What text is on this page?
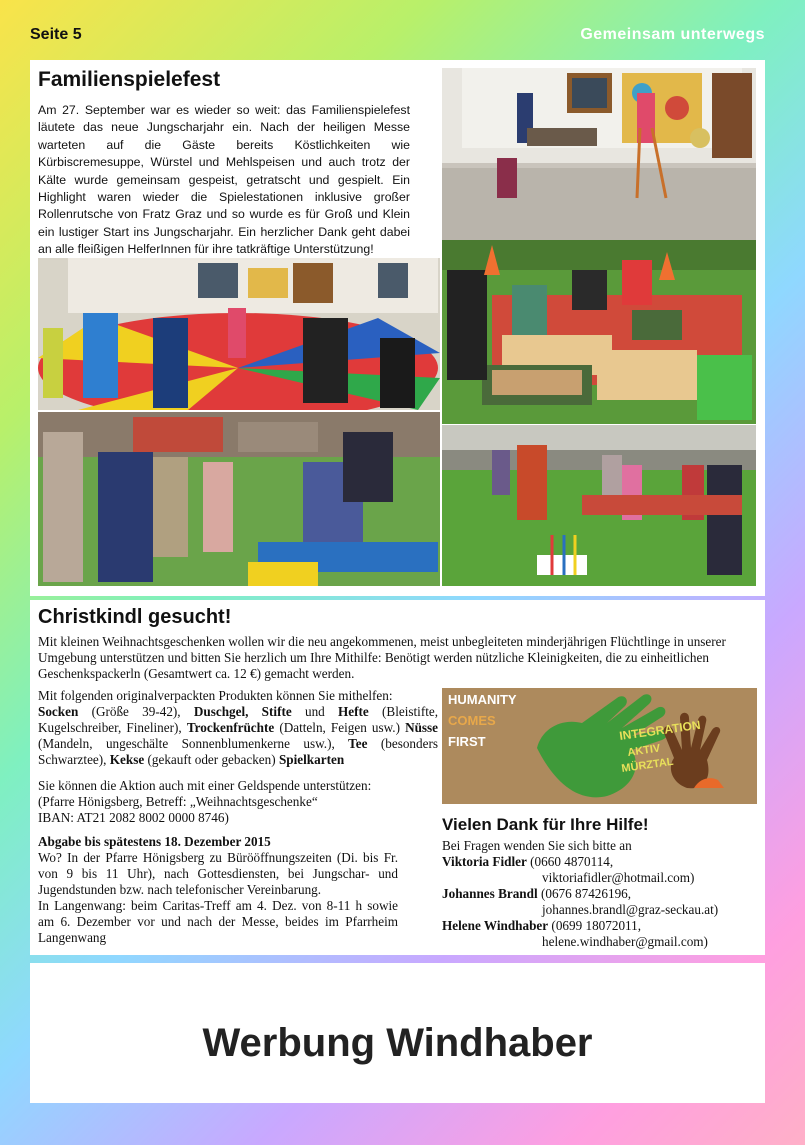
Seite 5	Gemeinsam unterwegs
Familienspielefest
Am 27. September war es wieder so weit: das Familienspielefest läutete das neue Jungscharjahr ein. Nach der heiligen Messe warteten auf die Gäste bereits Köstlichkeiten wie Kürbiscremesuppe, Würstel und Mehlspeisen und auch trotz der Kälte wurde gemeinsam gespeist, getratscht und gespielt. Ein Highlight waren wieder die Spielestationen inklusive großer Rollenrutsche von Fratz Graz und so wurde es für Groß und Klein ein lustiger Start ins Jungscharjahr. Ein herzlicher Dank geht dabei an alle fleißigen HelferInnen für ihre tatkräftige Unterstützung!
Christkindl gesucht!
Mit kleinen Weihnachtsgeschenken wollen wir die neu angekommenen, meist unbegleiteten minderjährigen Flüchtlinge in unserer Umgebung unterstützen und bitten Sie herzlich um Ihre Mithilfe: Benötigt werden nützliche Kleinigkeiten, die zu einheitlichen Geschenkspackerln (Gesamtwert ca. 12 €) gemacht werden.
Mit folgenden originalverpackten Produkten können Sie mithelfen:
Socken (Größe 39-42), Duschgel, Stifte und Hefte (Bleistifte, Kugelschreiber, Fineliner), Trockenfrüchte (Datteln, Feigen usw.) Nüsse (Mandeln, ungeschälte Sonnenblumenkerne usw.), Tee (besonders Schwarztee), Kekse (gekauft oder gebacken) Spielkarten
Sie können die Aktion auch mit einer Geldspende unterstützen:
(Pfarre Hönigsberg, Betreff: „Weihnachtsgeschenke“
IBAN: AT21 2082 8002 0000 8746)
Abgabe bis spätestens 18. Dezember 2015
Wo? In der Pfarre Hönigsberg zu Bürööffnungszeiten (Di. bis Fr. von 9 bis 11 Uhr), nach Gottesdiensten, bei Jungschar- und Jugendstunden bzw. nach telefonischer Vereinbarung.
In Langenwang: beim Caritas-Treff am 4. Dez. von 8-11 h sowie am 6. Dezember vor und nach der Messe, beides im Pfarrheim Langenwang
HUMANITY
COMES
FIRST	INTEGRATION
AKTIV
MÜRZTAL
Vielen Dank für Ihre Hilfe!
Bei Fragen wenden Sie sich bitte an
Viktoria Fidler (0660 4870114,
viktoriafidler@hotmail.com)
Johannes Brandl (0676 87426196,
johannes.brandl@graz-seckau.at)
Helene Windhaber (0699 18072011,
helene.windhaber@gmail.com)
Werbung Windhaber
